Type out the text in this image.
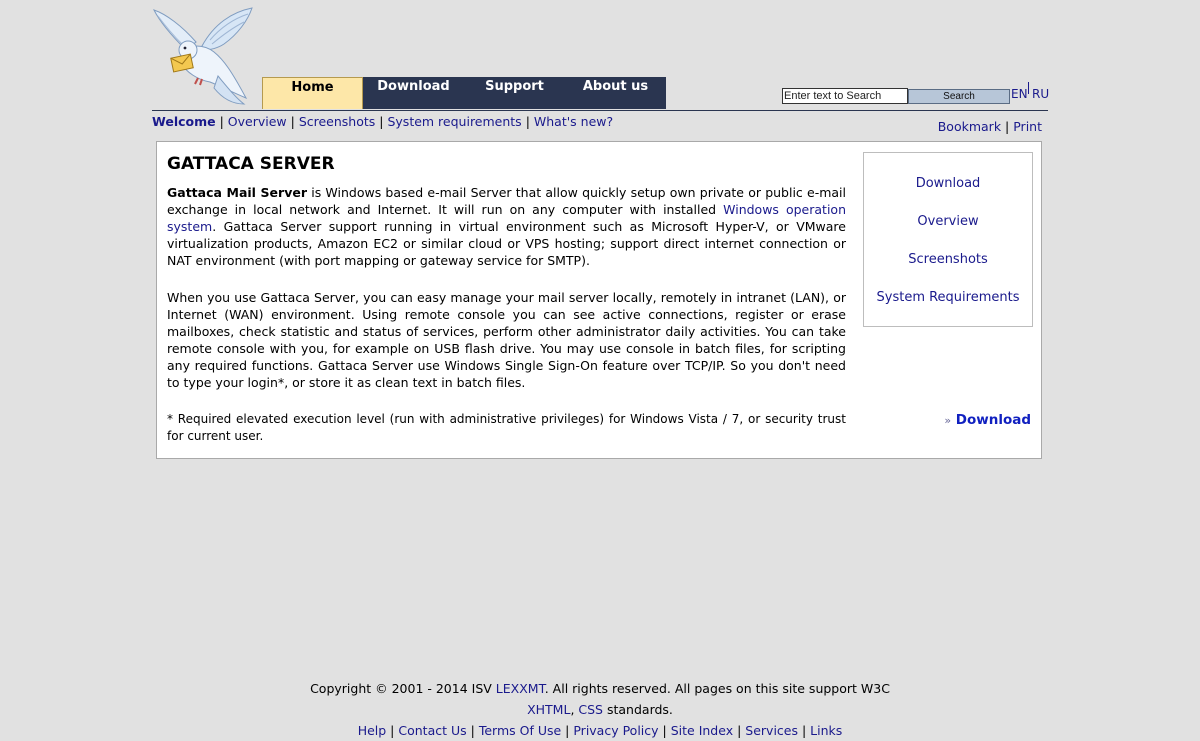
Home	Download	Support	About us
Enter text to Search	Search	EN RU
Welcome | Overview | Screenshots | System requirements | What's new?	Bookmark | Print
GATTACA SERVER

Gattaca Mail Server is Windows based e-mail Server that allow quickly setup own private or public e-mail exchange in local network and Internet. It will run on any computer with installed Windows operation system. Gattaca Server support running in virtual environment such as Microsoft Hyper-V, or VMware virtualization products, Amazon EC2 or similar cloud or VPS hosting; support direct internet connection or NAT environment (with port mapping or gateway service for SMTP).

When you use Gattaca Server, you can easy manage your mail server locally, remotely in intranet (LAN), or Internet (WAN) environment. Using remote console you can see active connections, register or erase mailboxes, check statistic and status of services, perform other administrator daily activities. You can take remote console with you, for example on USB flash drive. You may use console in batch files, for scripting any required functions. Gattaca Server use Windows Single Sign-On feature over TCP/IP. So you don't need to type your login*, or store it as clean text in batch files.

* Required elevated execution level (run with administrative privileges) for Windows Vista / 7, or security trust for current user.
Download
Overview
Screenshots
System Requirements
» Download
Copyright © 2001 - 2014 ISV LEXXMT. All rights reserved. All pages on this site support W3C XHTML, CSS standards.
Help | Contact Us | Terms Of Use | Privacy Policy | Site Index | Services | Links
